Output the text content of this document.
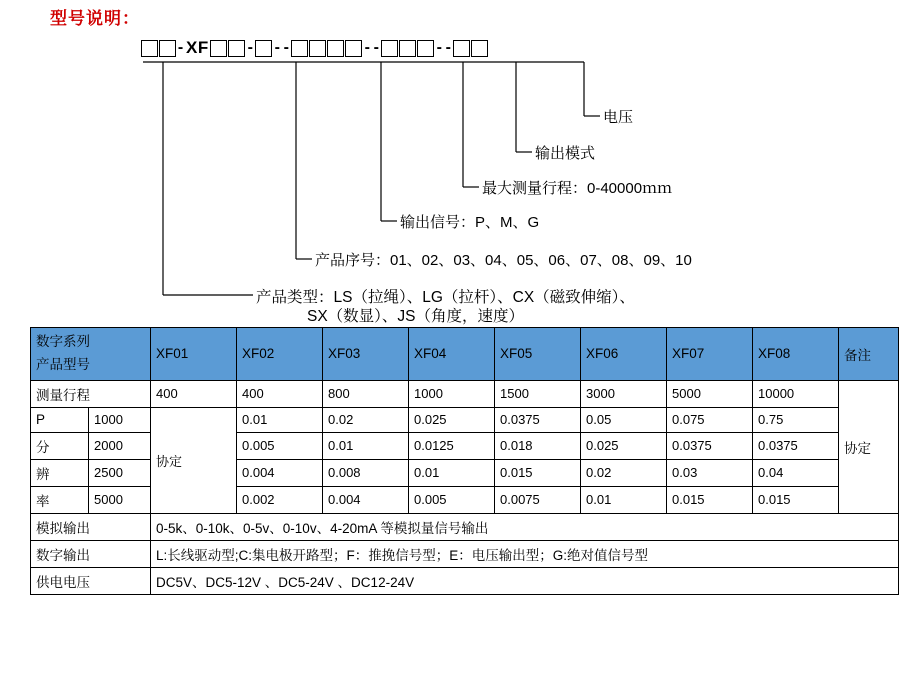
型号说明：
- XF - - -	- -	- -
电压
输出模式
最大测量行程：0-40000ｍｍ
输出信号：P、M、G
产品序号：01、02、03、04、05、06、07、08、09、10
产品类型：LS（拉绳）、LG（拉杆）、CX（磁致伸缩）、
SX（数显）、JS（角度，速度）
数字系列
产品型号		XF01	XF02	XF03	XF04	XF05	XF06	XF07	XF08	备注
测量行程		400	400	800	1000	1500	3000	5000	10000	协定
P	1000	协定	0.01	0.02	0.025	0.0375	0.05	0.075	0.75	
分	2000		0.005	0.01	0.0125	0.018	0.025	0.0375	0.0375	
辨	2500		0.004	0.008	0.01	0.015	0.02	0.03	0.04	
率	5000		0.002	0.004	0.005	0.0075	0.01	0.015	0.015	
模拟输出		0-5k、0-10k、0-5v、0-10v、4-20mA 等模拟量信号输出								
数字输出		L:长线驱动型;C:集电极开路型；F：推挽信号型；E：电压输出型；G:绝对值信号型								
供电电压		DC5V、DC5-12V 、DC5-24V 、DC12-24V								
